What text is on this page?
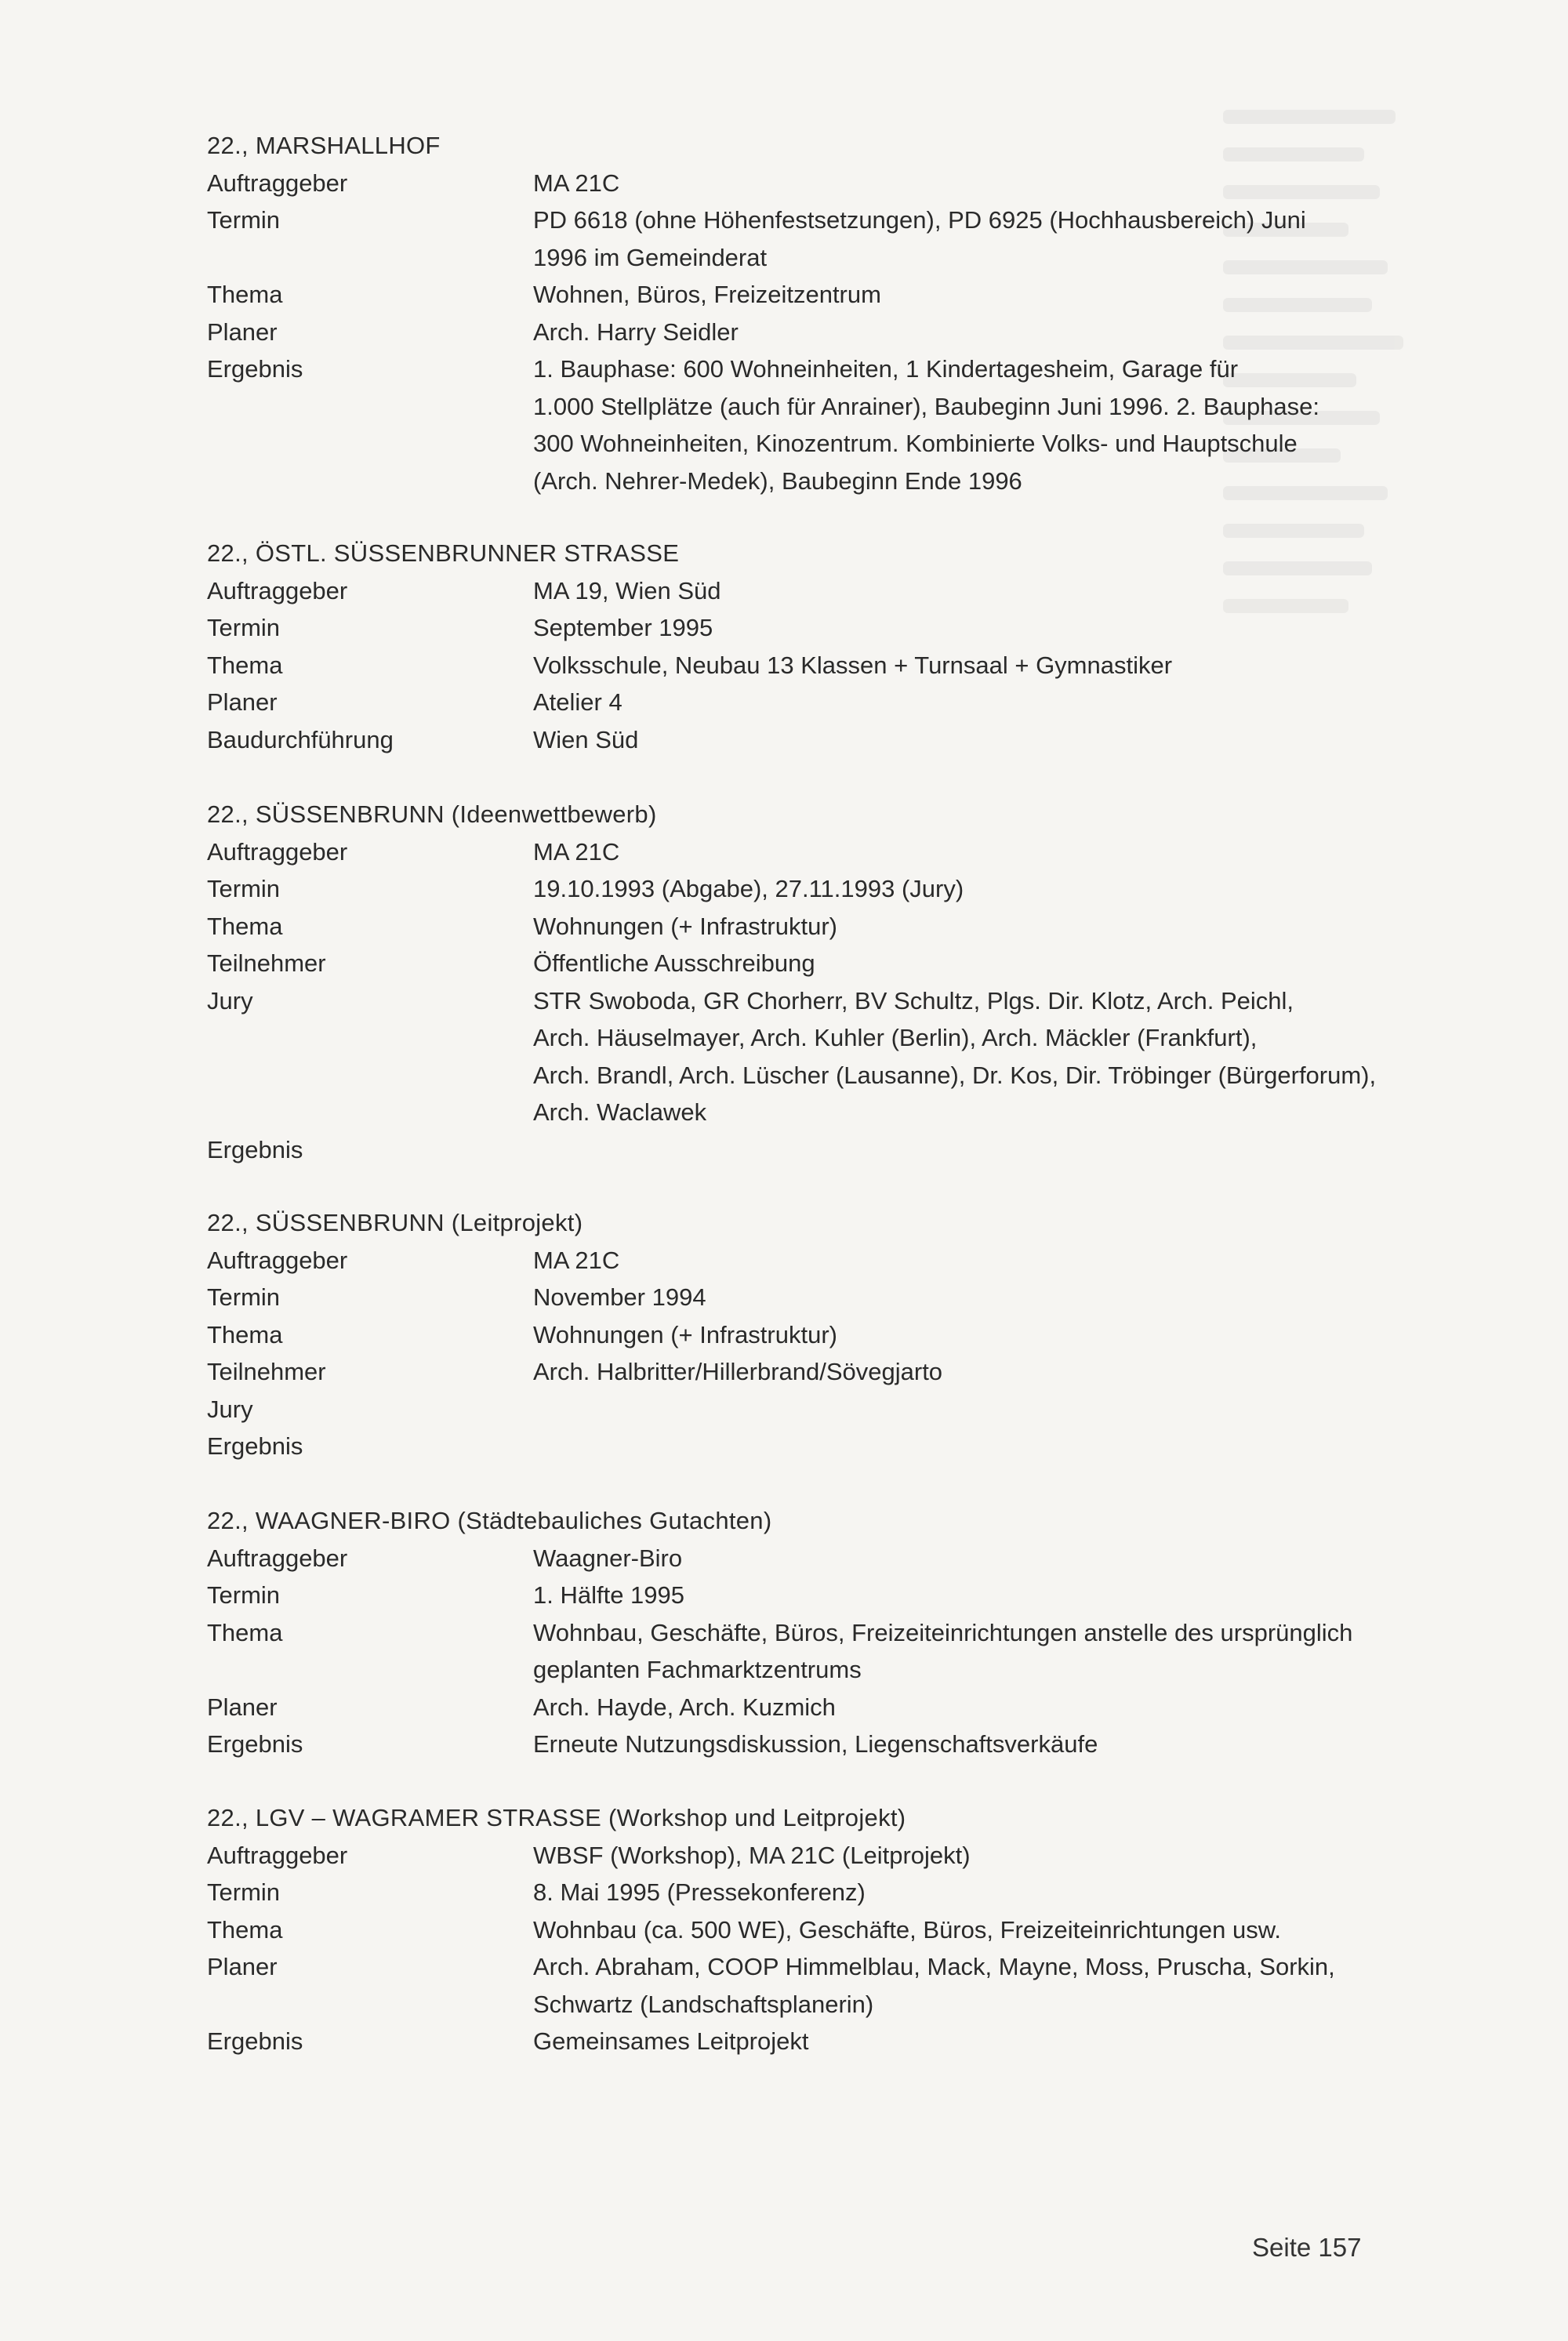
22., MARSHALLHOF
Auftraggeber	MA 21C
Termin	PD 6618 (ohne Höhenfestsetzungen), PD 6925 (Hochhausbereich) Juni
1996 im Gemeinderat
Thema	Wohnen, Büros, Freizeitzentrum
Planer	Arch. Harry Seidler
Ergebnis	1. Bauphase: 600 Wohneinheiten, 1 Kindertagesheim, Garage für
1.000 Stellplätze (auch für Anrainer), Baubeginn Juni 1996. 2. Bauphase:
300 Wohneinheiten, Kinozentrum. Kombinierte Volks- und Hauptschule
(Arch. Nehrer-Medek), Baubeginn Ende 1996
22., ÖSTL. SÜSSENBRUNNER STRASSE
Auftraggeber	MA 19, Wien Süd
Termin	September 1995
Thema	Volksschule, Neubau 13 Klassen + Turnsaal + Gymnastiker
Planer	Atelier 4
Baudurchführung	Wien Süd
22., SÜSSENBRUNN (Ideenwettbewerb)
Auftraggeber	MA 21C
Termin	19.10.1993 (Abgabe), 27.11.1993 (Jury)
Thema	Wohnungen (+ Infrastruktur)
Teilnehmer	Öffentliche Ausschreibung
Jury	STR Swoboda, GR Chorherr, BV Schultz, Plgs. Dir. Klotz, Arch. Peichl,
Arch. Häuselmayer, Arch. Kuhler (Berlin), Arch. Mäckler (Frankfurt),
Arch. Brandl, Arch. Lüscher (Lausanne), Dr. Kos, Dir. Tröbinger (Bürgerforum),
Arch. Waclawek
Ergebnis
22., SÜSSENBRUNN (Leitprojekt)
Auftraggeber	MA 21C
Termin	November 1994
Thema	Wohnungen (+ Infrastruktur)
Teilnehmer	Arch. Halbritter/Hillerbrand/Sövegjarto
Jury
Ergebnis
22., WAAGNER-BIRO (Städtebauliches Gutachten)
Auftraggeber	Waagner-Biro
Termin	1. Hälfte 1995
Thema	Wohnbau, Geschäfte, Büros, Freizeiteinrichtungen anstelle des ursprünglich
geplanten Fachmarktzentrums
Planer	Arch. Hayde, Arch. Kuzmich
Ergebnis	Erneute Nutzungsdiskussion, Liegenschaftsverkäufe
22., LGV – WAGRAMER STRASSE (Workshop und Leitprojekt)
Auftraggeber	WBSF (Workshop), MA 21C (Leitprojekt)
Termin	8. Mai 1995 (Pressekonferenz)
Thema	Wohnbau (ca. 500 WE), Geschäfte, Büros, Freizeiteinrichtungen usw.
Planer	Arch. Abraham, COOP Himmelblau, Mack, Mayne, Moss, Pruscha, Sorkin,
Schwartz (Landschaftsplanerin)
Ergebnis	Gemeinsames Leitprojekt
Seite 157
